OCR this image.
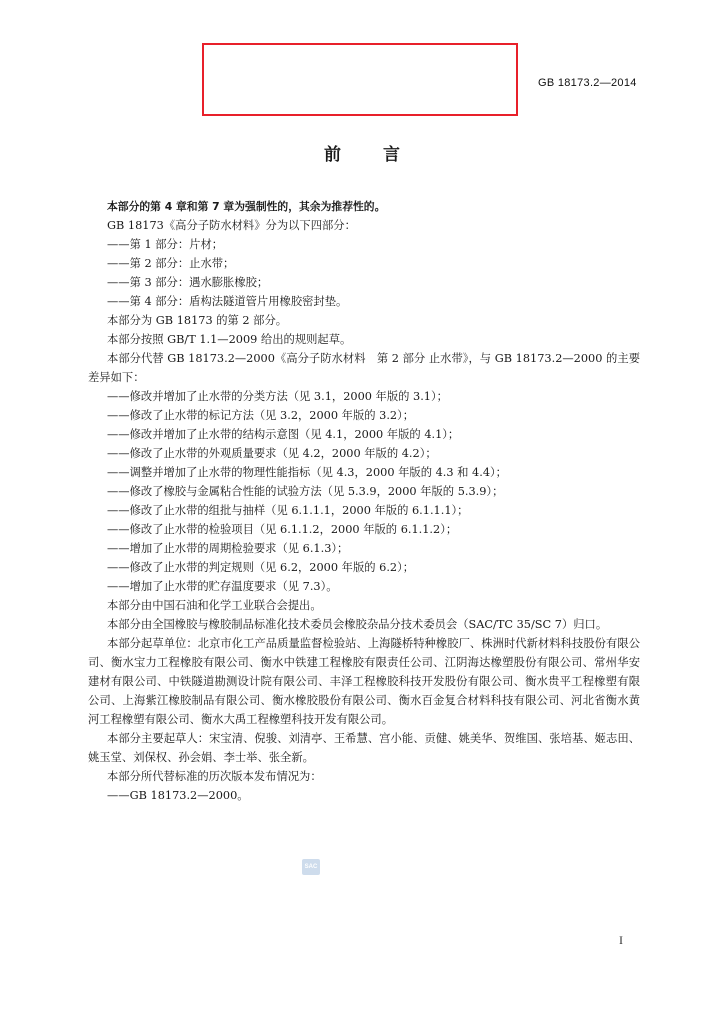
GB 18173.2—2014
前 言

本部分的第 4 章和第 7 章为强制性的，其余为推荐性的。

GB 18173《高分子防水材料》分为以下四部分：

——第 1 部分：片材；

——第 2 部分：止水带；

——第 3 部分：遇水膨胀橡胶；

——第 4 部分：盾构法隧道管片用橡胶密封垫。

本部分为 GB 18173 的第 2 部分。

本部分按照 GB/T 1.1—2009 给出的规则起草。

本部分代替 GB 18173.2—2000《高分子防水材料　第 2 部分 止水带》，与 GB 18173.2—2000 的主要差异如下：

——修改并增加了止水带的分类方法（见 3.1，2000 年版的 3.1）；

——修改了止水带的标记方法（见 3.2，2000 年版的 3.2）；

——修改并增加了止水带的结构示意图（见 4.1，2000 年版的 4.1）；

——修改了止水带的外观质量要求（见 4.2，2000 年版的 4.2）；

——调整并增加了止水带的物理性能指标（见 4.3，2000 年版的 4.3 和 4.4）；

——修改了橡胶与金属粘合性能的试验方法（见 5.3.9，2000 年版的 5.3.9）；

——修改了止水带的组批与抽样（见 6.1.1.1，2000 年版的 6.1.1.1）；

——修改了止水带的检验项目（见 6.1.1.2，2000 年版的 6.1.1.2）；

——增加了止水带的周期检验要求（见 6.1.3）；

——修改了止水带的判定规则（见 6.2，2000 年版的 6.2）；

——增加了止水带的贮存温度要求（见 7.3）。

本部分由中国石油和化学工业联合会提出。

本部分由全国橡胶与橡胶制品标准化技术委员会橡胶杂品分技术委员会（SAC/TC 35/SC 7）归口。

本部分起草单位：北京市化工产品质量监督检验站、上海隧桥特种橡胶厂、株洲时代新材料科技股份有限公司、衡水宝力工程橡胶有限公司、衡水中铁建工程橡胶有限责任公司、江阴海达橡塑股份有限公司、常州华安建材有限公司、中铁隧道勘测设计院有限公司、丰泽工程橡胶科技开发股份有限公司、衡水贵平工程橡塑有限公司、上海紫江橡胶制品有限公司、衡水橡胶股份有限公司、衡水百金复合材料科技有限公司、河北省衡水黄河工程橡塑有限公司、衡水大禹工程橡塑科技开发有限公司。

本部分主要起草人：宋宝清、倪骏、刘清亭、王希慧、宫小能、贡健、姚美华、贺维国、张培基、姬志田、姚玉堂、刘保权、孙会娟、李士举、张全新。

本部分所代替标准的历次版本发布情况为：

——GB 18173.2—2000。

SAC
I
